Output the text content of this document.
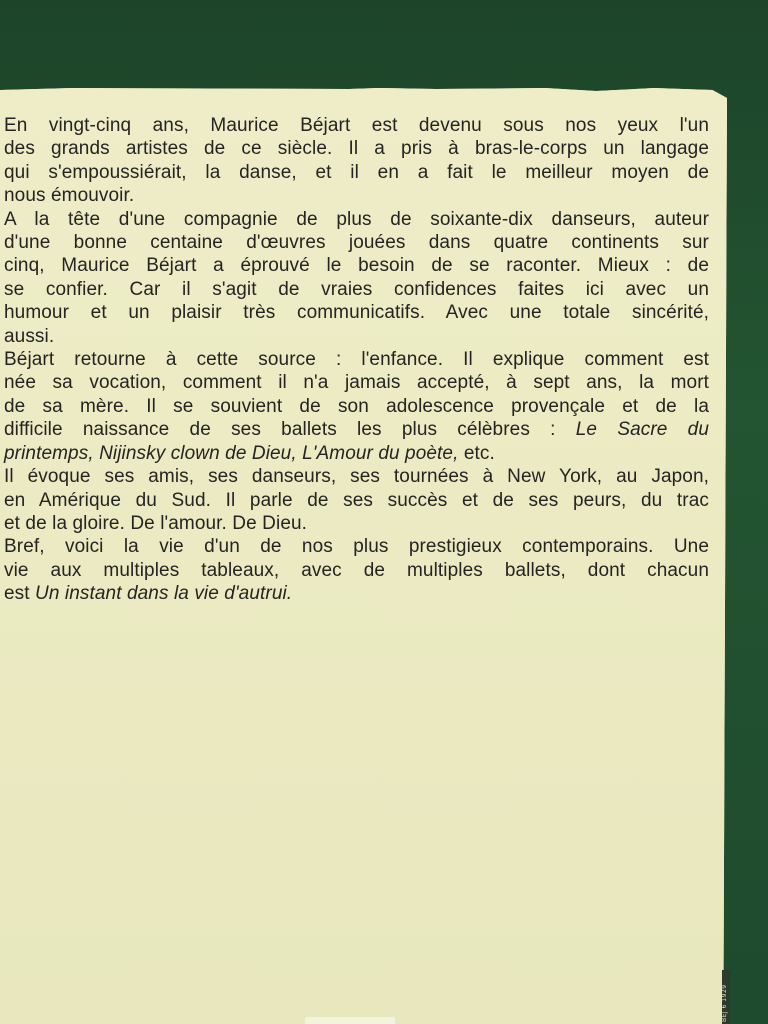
En vingt-cinq ans, Maurice Béjart est devenu sous nos yeux l'un
des grands artistes de ce siècle. Il a pris à bras-le-corps un langage
qui s'empoussiérait, la danse, et il en a fait le meilleur moyen de
nous émouvoir.

A la tête d'une compagnie de plus de soixante-dix danseurs, auteur
d'une bonne centaine d'œuvres jouées dans quatre continents sur
cinq, Maurice Béjart a éprouvé le besoin de se raconter. Mieux : de
se confier. Car il s'agit de vraies confidences faites ici avec un
humour et un plaisir très communicatifs. Avec une totale sincérité,
aussi.

Béjart retourne à cette source : l'enfance. Il explique comment est
née sa vocation, comment il n'a jamais accepté, à sept ans, la mort
de sa mère. Il se souvient de son adolescence provençale et de la
difficile naissance de ses ballets les plus célèbres : Le Sacre du
printemps, Nijinsky clown de Dieu, L'Amour du poète, etc.

Il évoque ses amis, ses danseurs, ses tournées à New York, au Japon,
en Amérique du Sud. Il parle de ses succès et de ses peurs, du trac
et de la gloire. De l'amour. De Dieu.

Bref, voici la vie d'un de nos plus prestigieux contemporains. Une
vie aux multiples tableaux, avec de multiples ballets, dont chacun
est Un instant dans la vie d'autrui.

BEJ 6 1929
